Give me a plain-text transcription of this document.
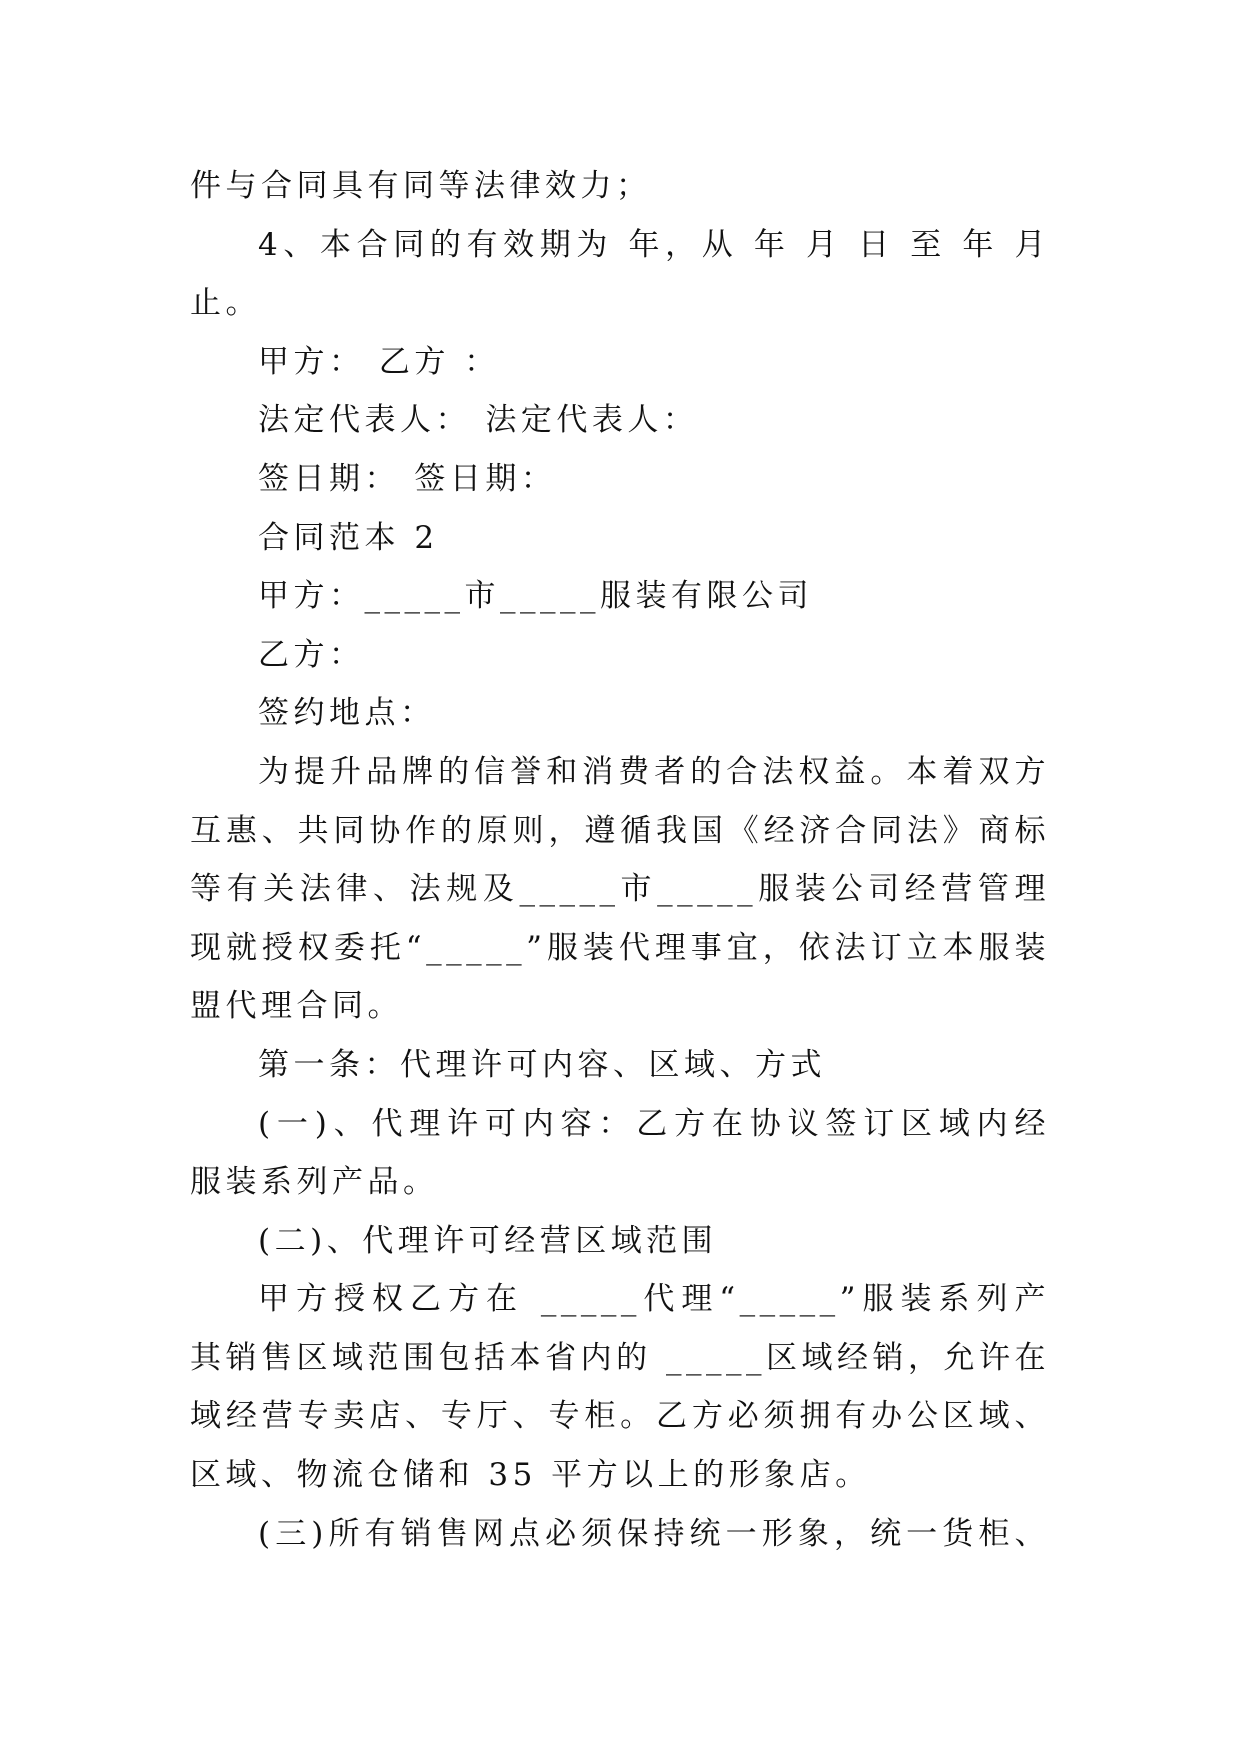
件与合同具有同等法律效力；
4、本合同的有效期为 年，从 年 月 日 至 年 月
止。
甲方： 乙方 ：
法定代表人： 法定代表人：
签日期： 签日期：
合同范本 2
甲方：_____市_____服装有限公司
乙方：
签约地点：
为提升品牌的信誉和消费者的合法权益。本着双方
互惠、共同协作的原则，遵循我国《经济合同法》商标
等有关法律、法规及_____市_____服装公司经营管理
现就授权委托“_____”服装代理事宜，依法订立本服装
盟代理合同。
第一条：代理许可内容、区域、方式
(一)、代理许可内容：乙方在协议签订区域内经
服装系列产品。
(二)、代理许可经营区域范围
甲方授权乙方在 _____代理“_____”服装系列产
其销售区域范围包括本省内的 _____区域经销，允许在
域经营专卖店、专厅、专柜。乙方必须拥有办公区域、
区域、物流仓储和 35 平方以上的形象店。
(三)所有销售网点必须保持统一形象，统一货柜、
